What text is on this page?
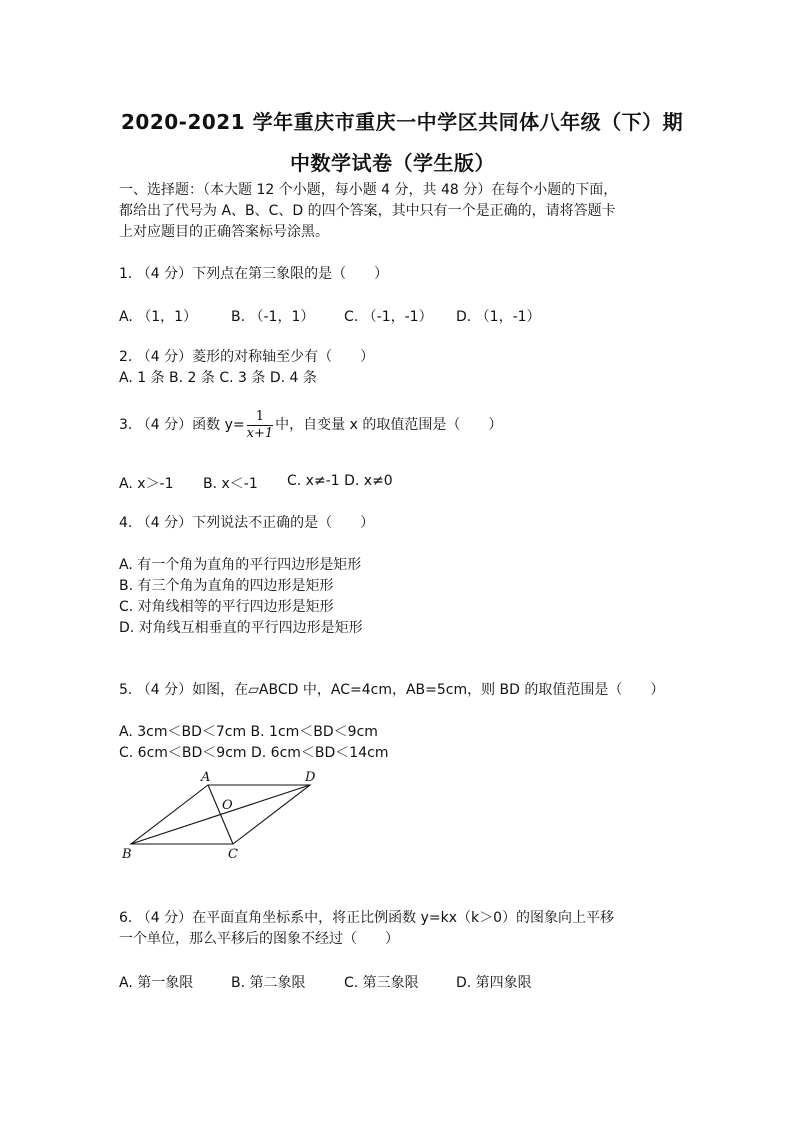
2020-2021 学年重庆市重庆一中学区共同体八年级（下）期
中数学试卷（学生版）
一、选择题：（本大题 12 个小题，每小题 4 分，共 48 分）在每个小题的下面，
都给出了代号为 A、B、C、D 的四个答案，其中只有一个是正确的，请将答题卡
上对应题目的正确答案标号涂黑。
1. （4 分）下列点在第三象限的是（　　）
A. （1，1） B. （-1，1） C. （-1，-1） D. （1，-1）
2. （4 分）菱形的对称轴至少有（　　）
A. 1 条 B. 2 条 C. 3 条 D. 4 条
3. （4 分）函数 $y= \frac{1}{x+1}$ 中，自变量 x 的取值范围是（　　）
A. x＞-1 B. x＜-1 C. x≠-1 D. x≠0
4. （4 分）下列说法不正确的是（　　）
A. 有一个角为直角的平行四边形是矩形
B. 有三个角为直角的四边形是矩形
C. 对角线相等的平行四边形是矩形
D. 对角线互相垂直的平行四边形是矩形
5. （4 分）如图，在▱ABCD 中，AC=4cm，AB=5cm，则 BD 的取值范围是（　　）
A. 3cm＜BD＜7cm B. 1cm＜BD＜9cm
C. 6cm＜BD＜9cm D. 6cm＜BD＜14cm
A	D
O
B	C
6. （4 分）在平面直角坐标系中，将正比例函数 y=kx（k＞0）的图象向上平移
一个单位，那么平移后的图象不经过（　　）
A. 第一象限	B. 第二象限	C. 第三象限	D. 第四象限
